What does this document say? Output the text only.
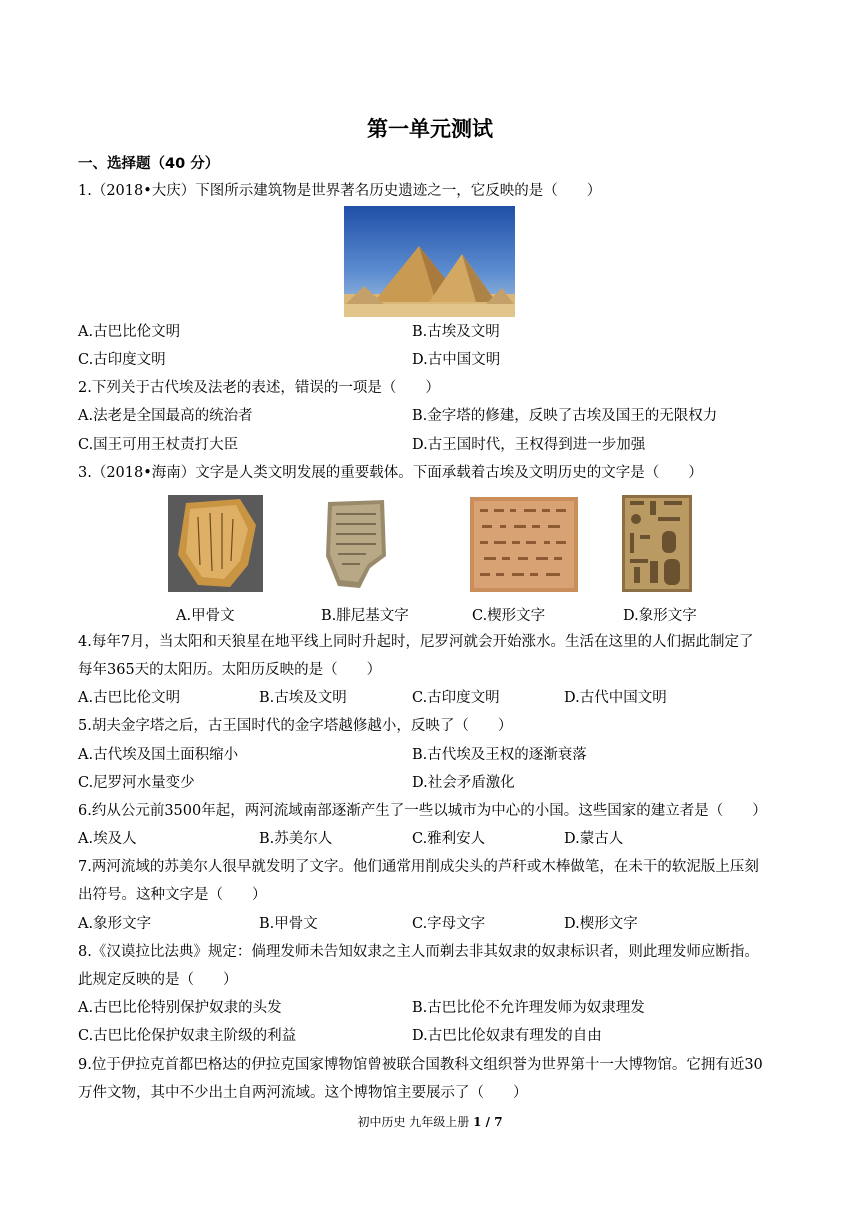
第一单元测试
一、选择题（40 分）
1.（2018•大庆）下图所示建筑物是世界著名历史遗迹之一，它反映的是（　　）
A.古巴比伦文明	B.古埃及文明
C.古印度文明	D.古中国文明
2.下列关于古代埃及法老的表述，错误的一项是（　　）
A.法老是全国最高的统治者	B.金字塔的修建，反映了古埃及国王的无限权力
C.国王可用王杖责打大臣	D.古王国时代，王权得到进一步加强
3.（2018•海南）文字是人类文明发展的重要载体。下面承载着古埃及文明历史的文字是（　　）
A.甲骨文	B.腓尼基文字	C.楔形文字	D.象形文字
4.每年7月，当太阳和天狼星在地平线上同时升起时，尼罗河就会开始涨水。生活在这里的人们据此制定了
每年365天的太阳历。太阳历反映的是（　　）
A.古巴比伦文明	B.古埃及文明	C.古印度文明	D.古代中国文明
5.胡夫金字塔之后，古王国时代的金字塔越修越小，反映了（　　）
A.古代埃及国土面积缩小	B.古代埃及王权的逐渐衰落
C.尼罗河水量变少	D.社会矛盾激化
6.约从公元前3500年起，两河流域南部逐渐产生了一些以城市为中心的小国。这些国家的建立者是（　　）
A.埃及人	B.苏美尔人	C.雅利安人	D.蒙古人
7.两河流域的苏美尔人很早就发明了文字。他们通常用削成尖头的芦秆或木棒做笔，在未干的软泥版上压刻
出符号。这种文字是（　　）
A.象形文字	B.甲骨文	C.字母文字	D.楔形文字
8.《汉谟拉比法典》规定：倘理发师未告知奴隶之主人而剃去非其奴隶的奴隶标识者，则此理发师应断指。
此规定反映的是（　　）
A.古巴比伦特别保护奴隶的头发	B.古巴比伦不允许理发师为奴隶理发
C.古巴比伦保护奴隶主阶级的利益	D.古巴比伦奴隶有理发的自由
9.位于伊拉克首都巴格达的伊拉克国家博物馆曾被联合国教科文组织誉为世界第十一大博物馆。它拥有近30
万件文物，其中不少出土自两河流域。这个博物馆主要展示了（　　）
初中历史 九年级上册 1 / 7
